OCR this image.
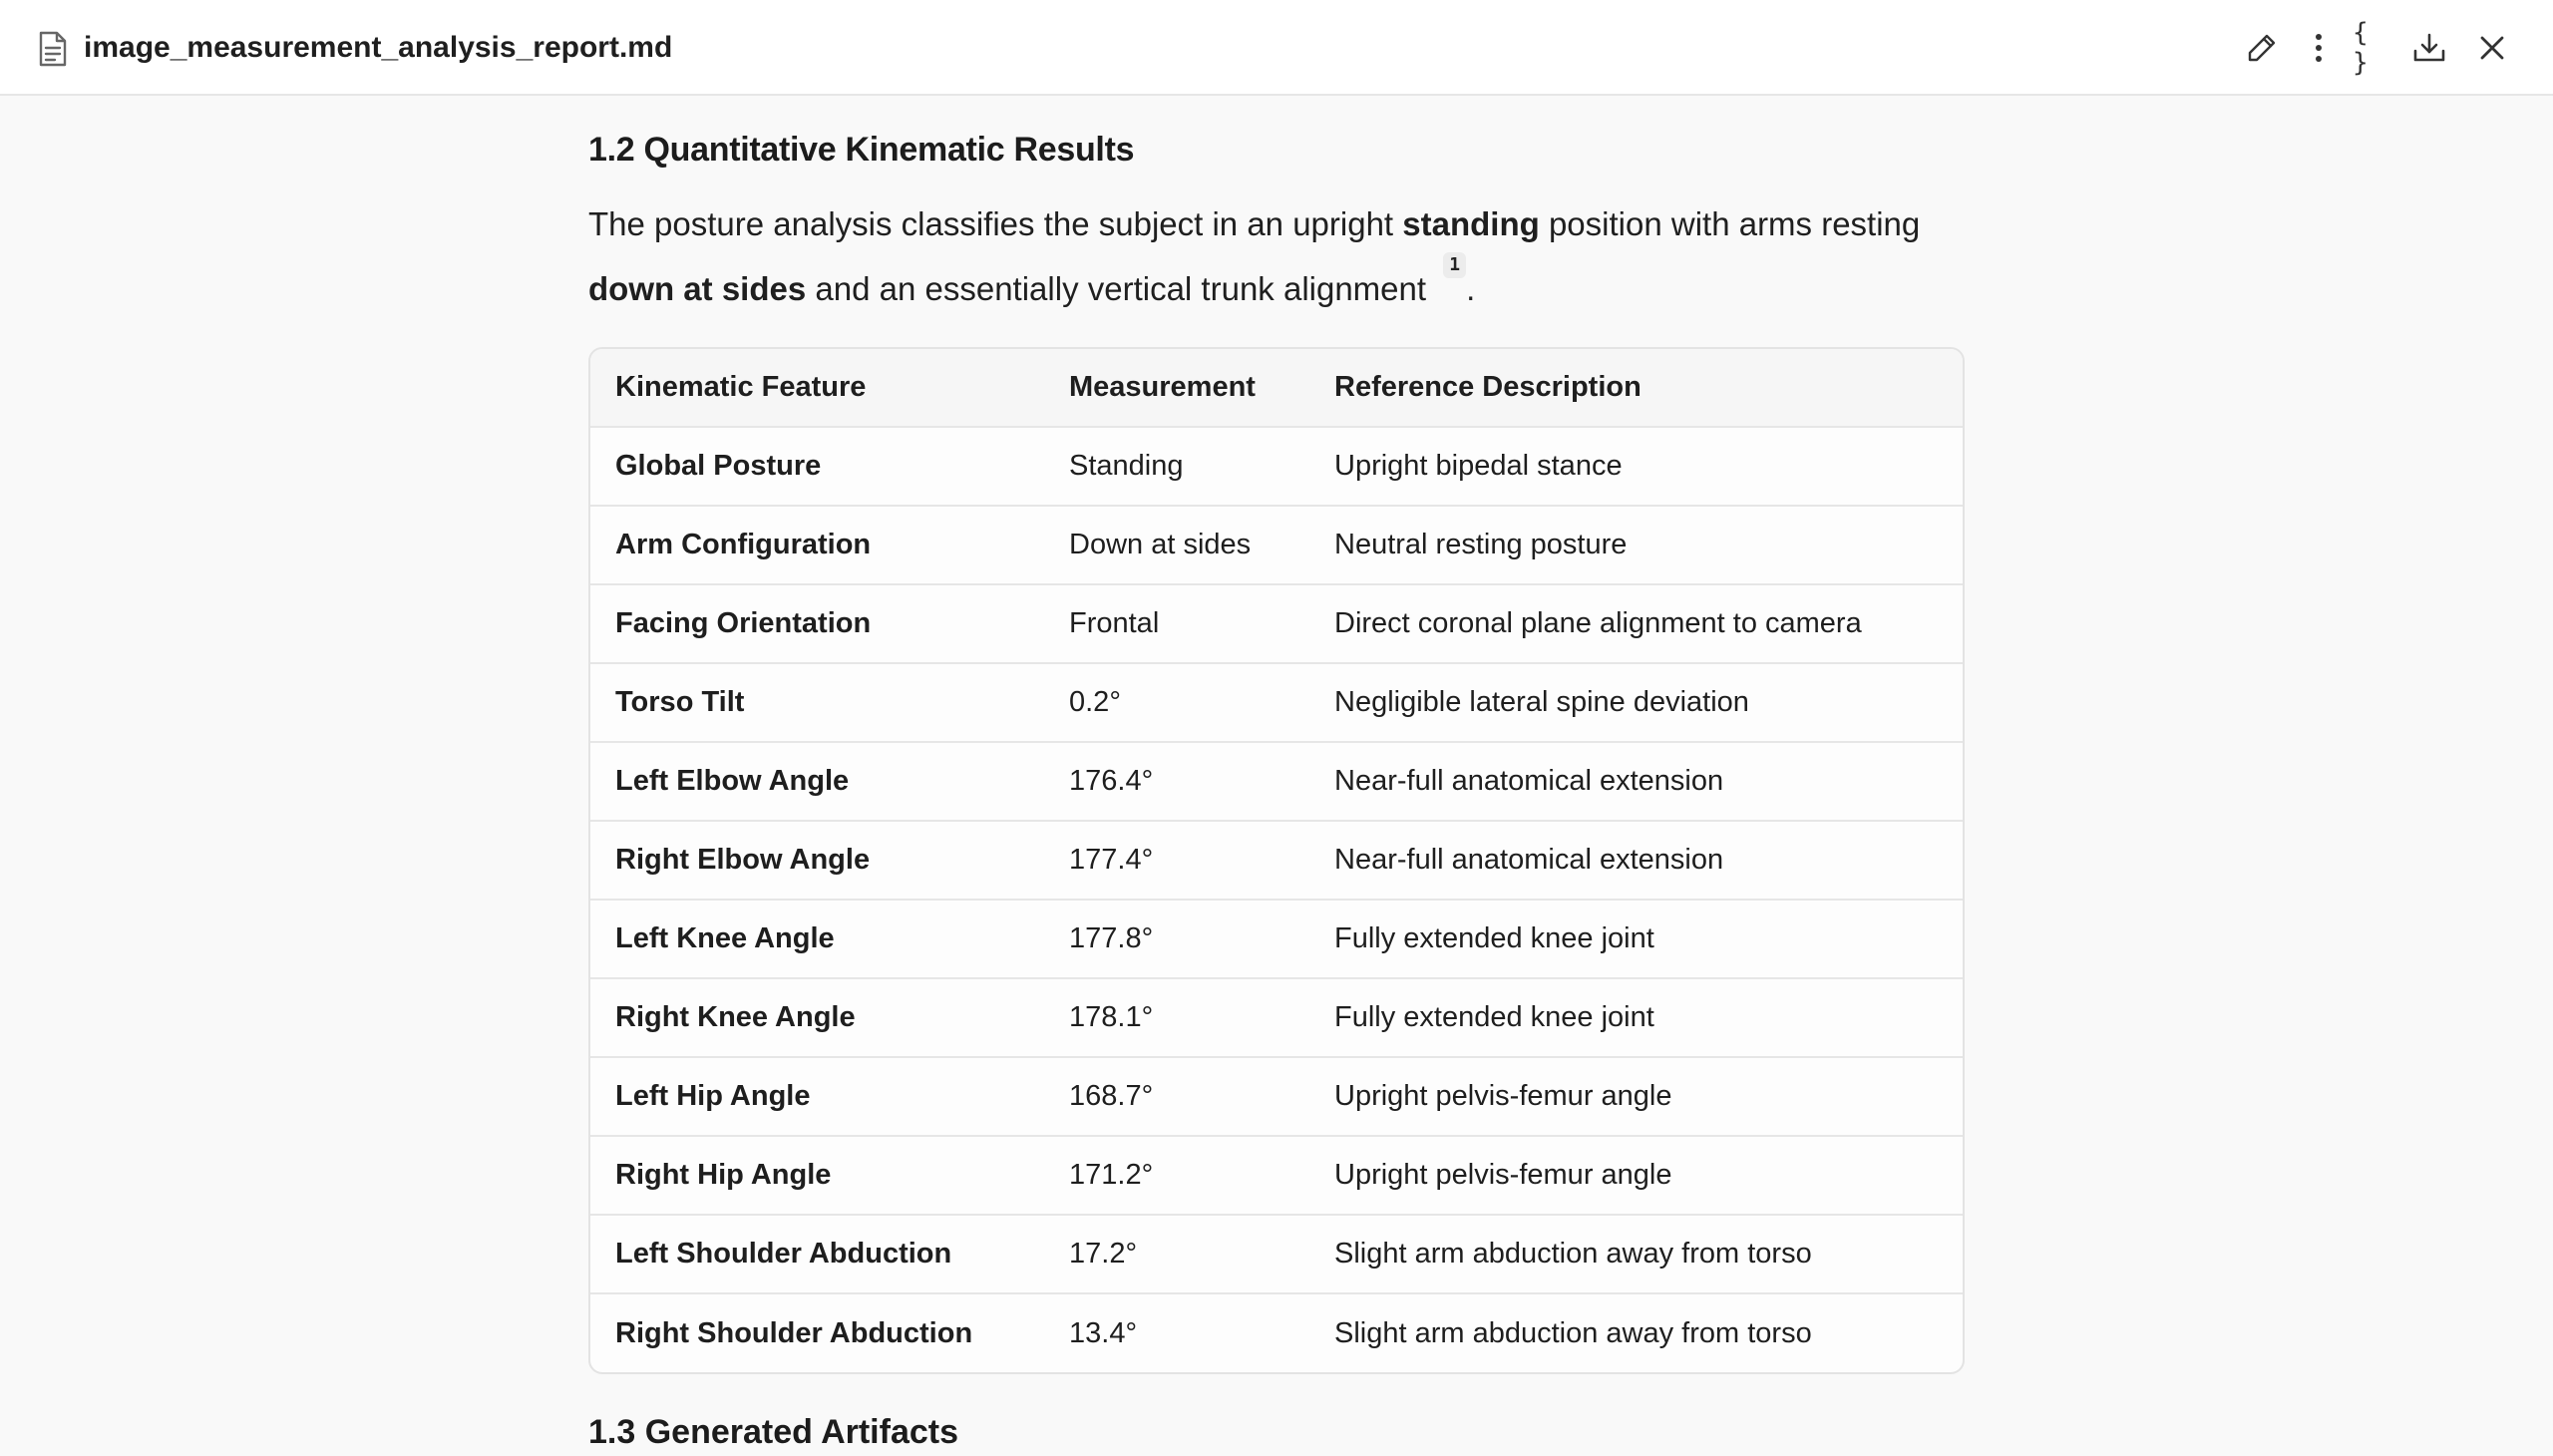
image_measurement_analysis_report.md	{ }
1.2 Quantitative Kinematic Results

The posture analysis classifies the subject in an upright standing position with arms resting
down at sides and an essentially vertical trunk alignment 1.

Kinematic Feature	Measurement	Reference Description
Global Posture	Standing	Upright bipedal stance
Arm Configuration	Down at sides	Neutral resting posture
Facing Orientation	Frontal	Direct coronal plane alignment to camera
Torso Tilt	0.2°	Negligible lateral spine deviation
Left Elbow Angle	176.4°	Near-full anatomical extension
Right Elbow Angle	177.4°	Near-full anatomical extension
Left Knee Angle	177.8°	Fully extended knee joint
Right Knee Angle	178.1°	Fully extended knee joint
Left Hip Angle	168.7°	Upright pelvis-femur angle
Right Hip Angle	171.2°	Upright pelvis-femur angle
Left Shoulder Abduction	17.2°	Slight arm abduction away from torso
Right Shoulder Abduction	13.4°	Slight arm abduction away from torso
1.3 Generated Artifacts
